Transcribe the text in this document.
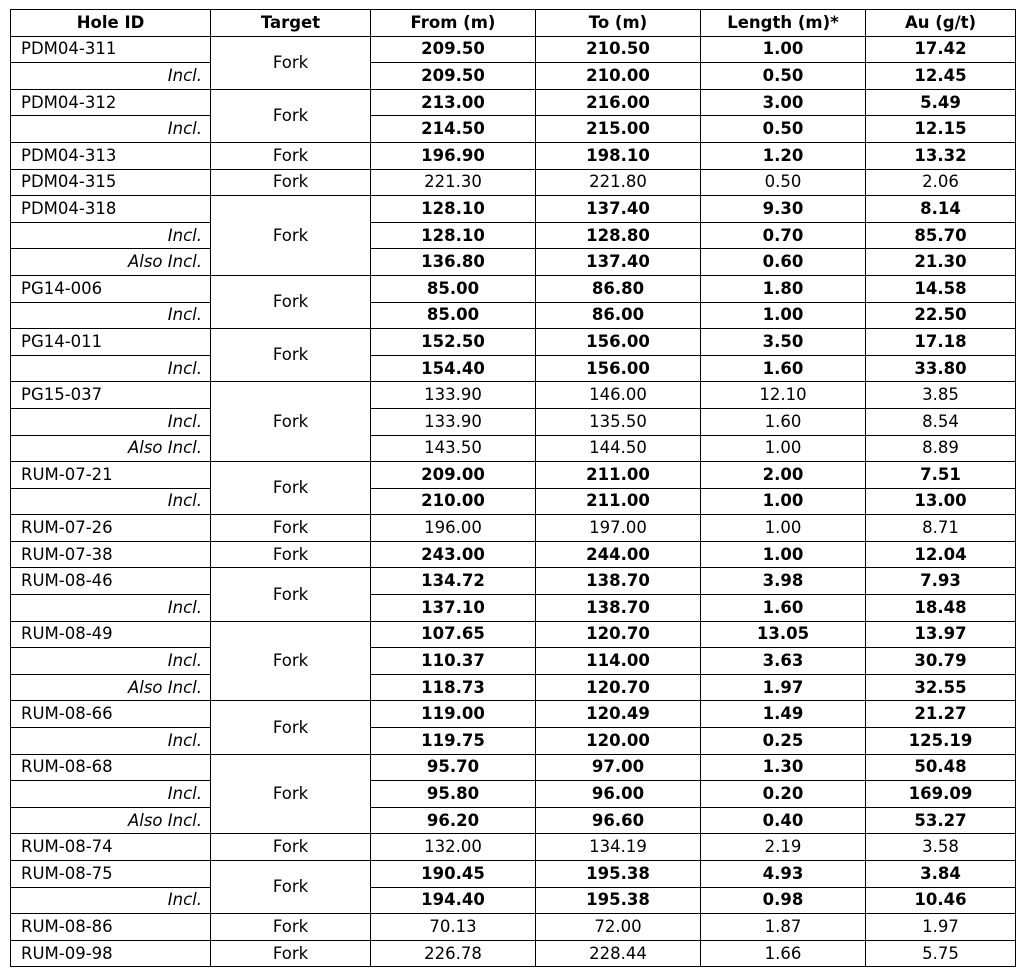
Hole ID	Target	From (m)	To (m)	Length (m)*	Au (g/t)
PDM04-311	Fork	209.50	210.50	1.00	17.42
Incl.		209.50	210.00	0.50	12.45
PDM04-312	Fork	213.00	216.00	3.00	5.49
Incl.		214.50	215.00	0.50	12.15
PDM04-313	Fork	196.90	198.10	1.20	13.32
PDM04-315	Fork	221.30	221.80	0.50	2.06
PDM04-318	Fork	128.10	137.40	9.30	8.14
Incl.		128.10	128.80	0.70	85.70
Also Incl.		136.80	137.40	0.60	21.30
PG14-006	Fork	85.00	86.80	1.80	14.58
Incl.		85.00	86.00	1.00	22.50
PG14-011	Fork	152.50	156.00	3.50	17.18
Incl.		154.40	156.00	1.60	33.80
PG15-037	Fork	133.90	146.00	12.10	3.85
Incl.		133.90	135.50	1.60	8.54
Also Incl.		143.50	144.50	1.00	8.89
RUM-07-21	Fork	209.00	211.00	2.00	7.51
Incl.		210.00	211.00	1.00	13.00
RUM-07-26	Fork	196.00	197.00	1.00	8.71
RUM-07-38	Fork	243.00	244.00	1.00	12.04
RUM-08-46	Fork	134.72	138.70	3.98	7.93
Incl.		137.10	138.70	1.60	18.48
RUM-08-49	Fork	107.65	120.70	13.05	13.97
Incl.		110.37	114.00	3.63	30.79
Also Incl.		118.73	120.70	1.97	32.55
RUM-08-66	Fork	119.00	120.49	1.49	21.27
Incl.		119.75	120.00	0.25	125.19
RUM-08-68	Fork	95.70	97.00	1.30	50.48
Incl.		95.80	96.00	0.20	169.09
Also Incl.		96.20	96.60	0.40	53.27
RUM-08-74	Fork	132.00	134.19	2.19	3.58
RUM-08-75	Fork	190.45	195.38	4.93	3.84
Incl.		194.40	195.38	0.98	10.46
RUM-08-86	Fork	70.13	72.00	1.87	1.97
RUM-09-98	Fork	226.78	228.44	1.66	5.75
